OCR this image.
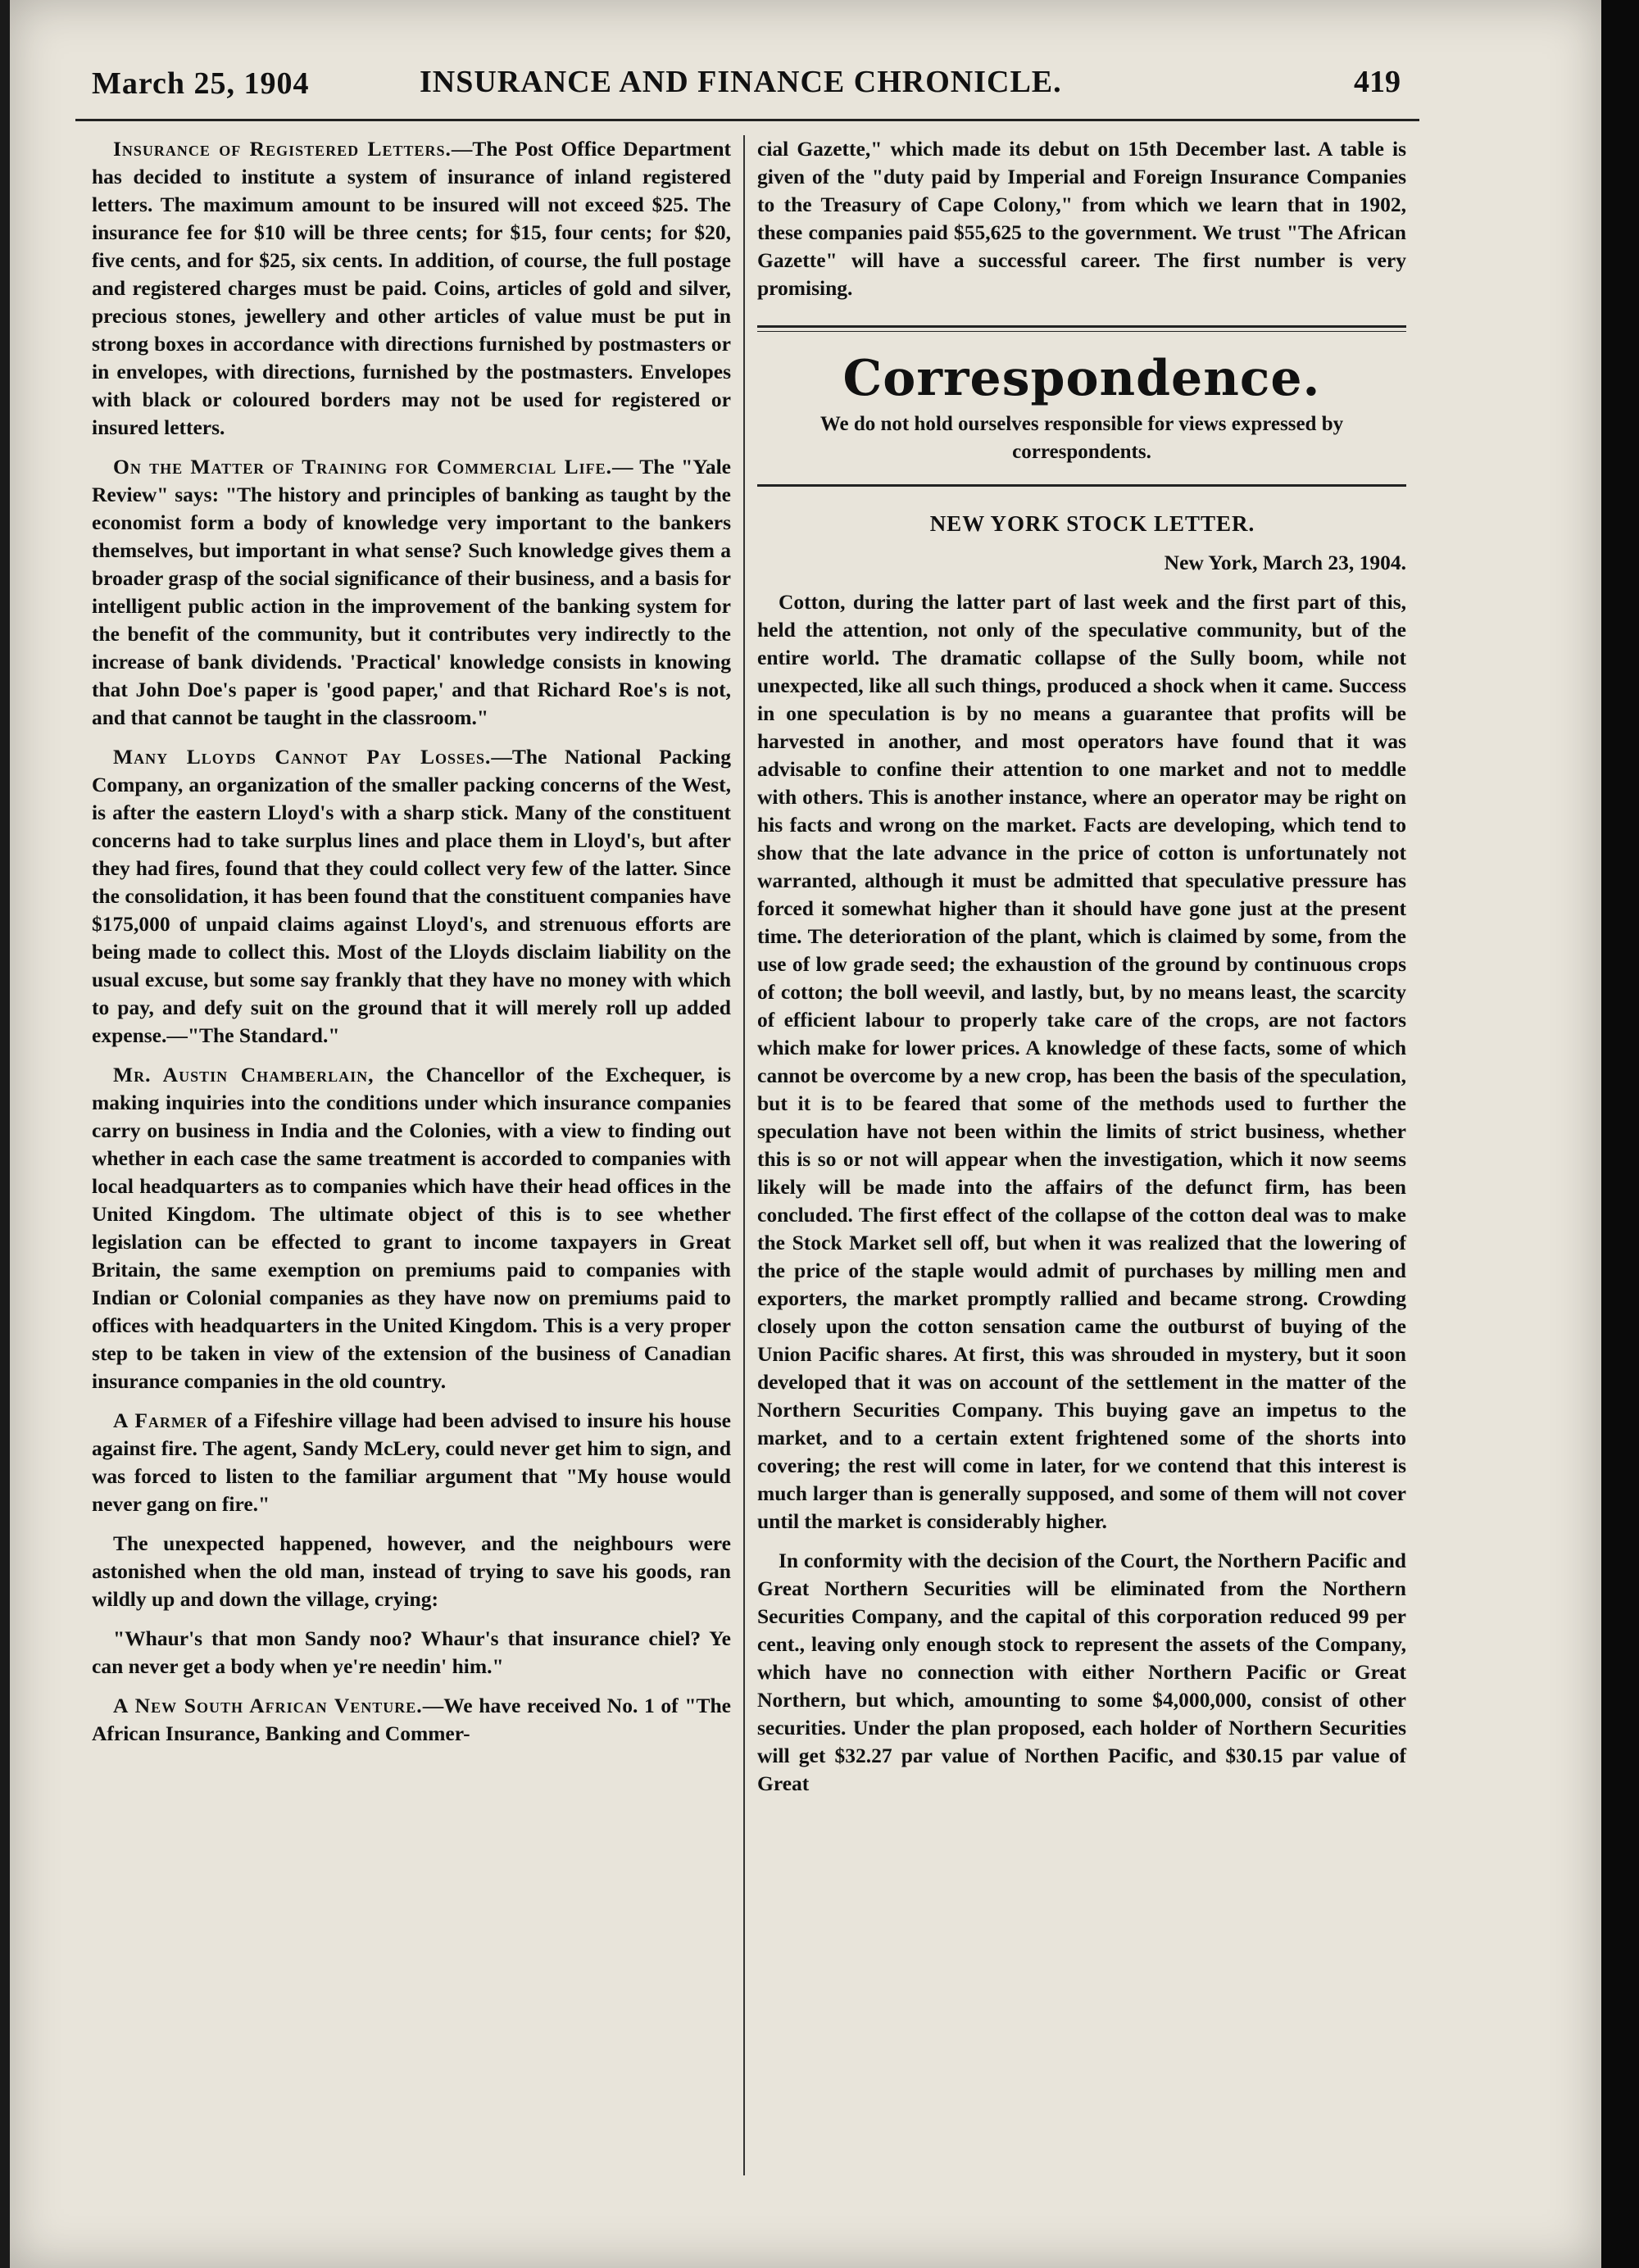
March 25, 1904	INSURANCE AND FINANCE CHRONICLE.	419

Insurance of Registered Letters.—The Post Office Department has decided to institute a system of insurance of inland registered letters. The maximum amount to be insured will not exceed $25. The insurance fee for $10 will be three cents; for $15, four cents; for $20, five cents, and for $25, six cents. In addition, of course, the full postage and registered charges must be paid. Coins, articles of gold and silver, precious stones, jewellery and other articles of value must be put in strong boxes in accordance with directions furnished by postmasters or in envelopes, with directions, furnished by the postmasters. Envelopes with black or coloured borders may not be used for registered or insured letters.

On the Matter of Training for Commercial Life.— The "Yale Review" says: "The history and principles of banking as taught by the economist form a body of knowledge very important to the bankers themselves, but important in what sense? Such knowledge gives them a broader grasp of the social significance of their business, and a basis for intelligent public action in the improvement of the banking system for the benefit of the community, but it contributes very indirectly to the increase of bank dividends. 'Practical' knowledge consists in knowing that John Doe's paper is 'good paper,' and that Richard Roe's is not, and that cannot be taught in the classroom."

Many Lloyds Cannot Pay Losses.—The National Packing Company, an organization of the smaller packing concerns of the West, is after the eastern Lloyd's with a sharp stick. Many of the constituent concerns had to take surplus lines and place them in Lloyd's, but after they had fires, found that they could collect very few of the latter. Since the consolidation, it has been found that the constituent companies have $175,000 of unpaid claims against Lloyd's, and strenuous efforts are being made to collect this. Most of the Lloyds disclaim liability on the usual excuse, but some say frankly that they have no money with which to pay, and defy suit on the ground that it will merely roll up added expense.—"The Standard."

Mr. Austin Chamberlain, the Chancellor of the Exchequer, is making inquiries into the conditions under which insurance companies carry on business in India and the Colonies, with a view to finding out whether in each case the same treatment is accorded to companies with local headquarters as to companies which have their head offices in the United Kingdom. The ultimate object of this is to see whether legislation can be effected to grant to income taxpayers in Great Britain, the same exemption on premiums paid to companies with Indian or Colonial companies as they have now on premiums paid to offices with headquarters in the United Kingdom. This is a very proper step to be taken in view of the extension of the business of Canadian insurance companies in the old country.

A Farmer of a Fifeshire village had been advised to insure his house against fire. The agent, Sandy McLery, could never get him to sign, and was forced to listen to the familiar argument that "My house would never gang on fire."

The unexpected happened, however, and the neighbours were astonished when the old man, instead of trying to save his goods, ran wildly up and down the village, crying:

"Whaur's that mon Sandy noo? Whaur's that insurance chiel? Ye can never get a body when ye're needin' him."

A New South African Venture.—We have received No. 1 of "The African Insurance, Banking and Commer-

cial Gazette," which made its debut on 15th December last. A table is given of the "duty paid by Imperial and Foreign Insurance Companies to the Treasury of Cape Colony," from which we learn that in 1902, these companies paid $55,625 to the government. We trust "The African Gazette" will have a successful career. The first number is very promising.

Correspondence.
We do not hold ourselves responsible for views expressed by correspondents.

NEW YORK STOCK LETTER.

New York, March 23, 1904.

Cotton, during the latter part of last week and the first part of this, held the attention, not only of the speculative community, but of the entire world. The dramatic collapse of the Sully boom, while not unexpected, like all such things, produced a shock when it came. Success in one speculation is by no means a guarantee that profits will be harvested in another, and most operators have found that it was advisable to confine their attention to one market and not to meddle with others. This is another instance, where an operator may be right on his facts and wrong on the market. Facts are developing, which tend to show that the late advance in the price of cotton is unfortunately not warranted, although it must be admitted that speculative pressure has forced it somewhat higher than it should have gone just at the present time. The deterioration of the plant, which is claimed by some, from the use of low grade seed; the exhaustion of the ground by continuous crops of cotton; the boll weevil, and lastly, but, by no means least, the scarcity of efficient labour to properly take care of the crops, are not factors which make for lower prices. A knowledge of these facts, some of which cannot be overcome by a new crop, has been the basis of the speculation, but it is to be feared that some of the methods used to further the speculation have not been within the limits of strict business, whether this is so or not will appear when the investigation, which it now seems likely will be made into the affairs of the defunct firm, has been concluded. The first effect of the collapse of the cotton deal was to make the Stock Market sell off, but when it was realized that the lowering of the price of the staple would admit of purchases by milling men and exporters, the market promptly rallied and became strong. Crowding closely upon the cotton sensation came the outburst of buying of the Union Pacific shares. At first, this was shrouded in mystery, but it soon developed that it was on account of the settlement in the matter of the Northern Securities Company. This buying gave an impetus to the market, and to a certain extent frightened some of the shorts into covering; the rest will come in later, for we contend that this interest is much larger than is generally supposed, and some of them will not cover until the market is considerably higher.

In conformity with the decision of the Court, the Northern Pacific and Great Northern Securities will be eliminated from the Northern Securities Company, and the capital of this corporation reduced 99 per cent., leaving only enough stock to represent the assets of the Company, which have no connection with either Northern Pacific or Great Northern, but which, amounting to some $4,000,000, consist of other securities. Under the plan proposed, each holder of Northern Securities will get $32.27 par value of Northen Pacific, and $30.15 par value of Great
